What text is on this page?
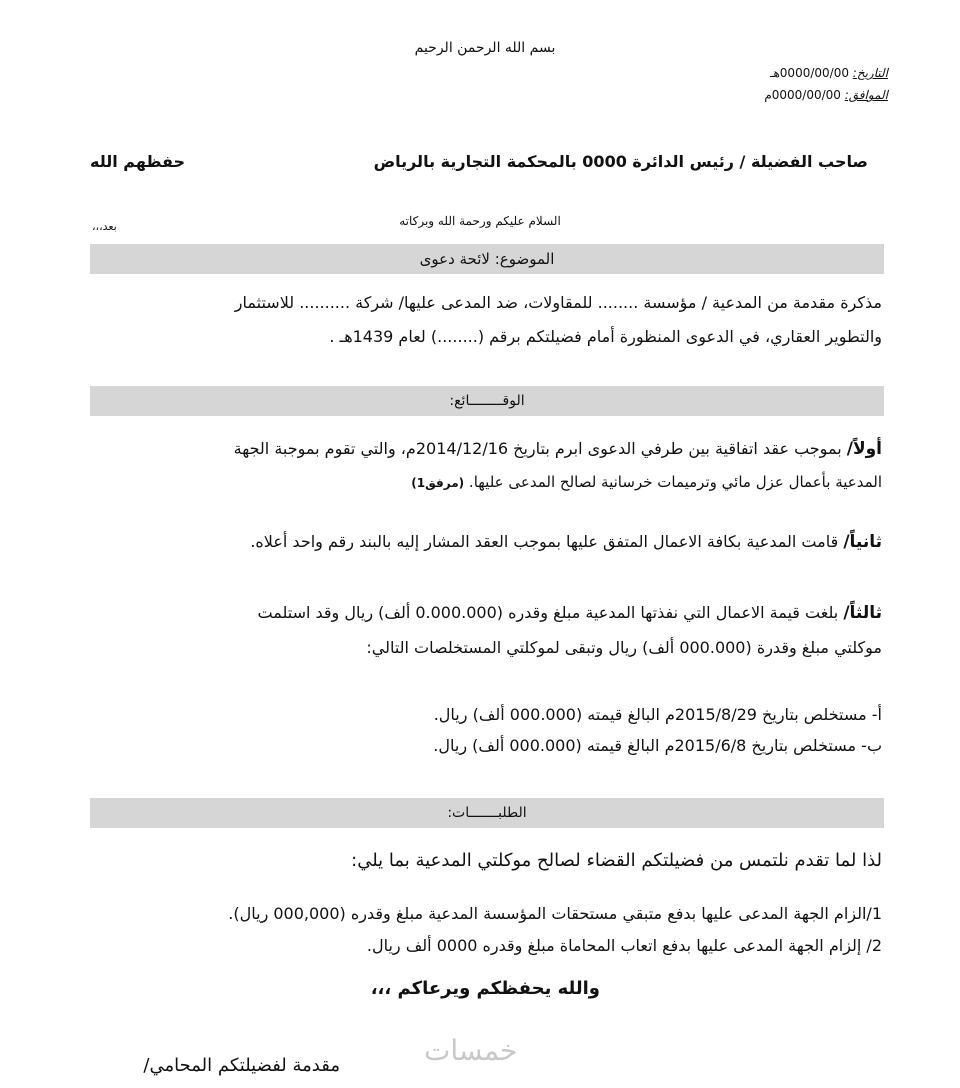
بسم الله الرحمن الرحيم
التاريخ: 0000/00/00هـ
الموافق: 0000/00/00م
صاحب الفضيلة / رئيس الدائرة 0000 بالمحكمة التجارية بالرياض
حفظهم الله
السلام عليكم ورحمة الله وبركاته
بعد،،،
الموضوع: لائحة دعوى
مذكرة مقدمة من المدعية / مؤسسة ........ للمقاولات، ضد المدعى عليها/ شركة .......... للاستثمار
والتطوير العقاري، في الدعوى المنظورة أمام فضيلتكم برقم (........) لعام 1439هـ .
الوقــــــــائع:
أولاً/ بموجب عقد اتفاقية بين طرفي الدعوى ابرم بتاريخ 2014/12/16م، والتي تقوم بموجبة الجهة
المدعية بأعمال عزل مائي وترميمات خرسانية لصالح المدعى عليها. (مرفق1)
ثانياً/ قامت المدعية بكافة الاعمال المتفق عليها بموجب العقد المشار إليه بالبند رقم واحد أعلاه.
ثالثاً/ بلغت قيمة الاعمال التي نفذتها المدعية مبلغ وقدره (0.000.000 ألف) ريال وقد استلمت
موكلتي مبلغ وقدرة (000.000 ألف) ريال وتبقى لموكلتي المستخلصات التالي:
أ- مستخلص بتاريخ 2015/8/29م البالغ قيمته (000.000 ألف) ريال.
ب- مستخلص بتاريخ 2015/6/8م البالغ قيمته (000.000 ألف) ريال.
الطلبـــــــات:
لذا لما تقدم نلتمس من فضيلتكم القضاء لصالح موكلتي المدعية بما يلي:
1/الزام الجهة المدعى عليها بدفع متبقي مستحقات المؤسسة المدعية مبلغ وقدره (000,000 ريال).
2/ إلزام الجهة المدعى عليها بدفع اتعاب المحاماة مبلغ وقدره 0000 ألف ريال.
والله يحفظكم ويرعاكم ،،،
خمسات
مقدمة لفضيلتكم المحامي/
